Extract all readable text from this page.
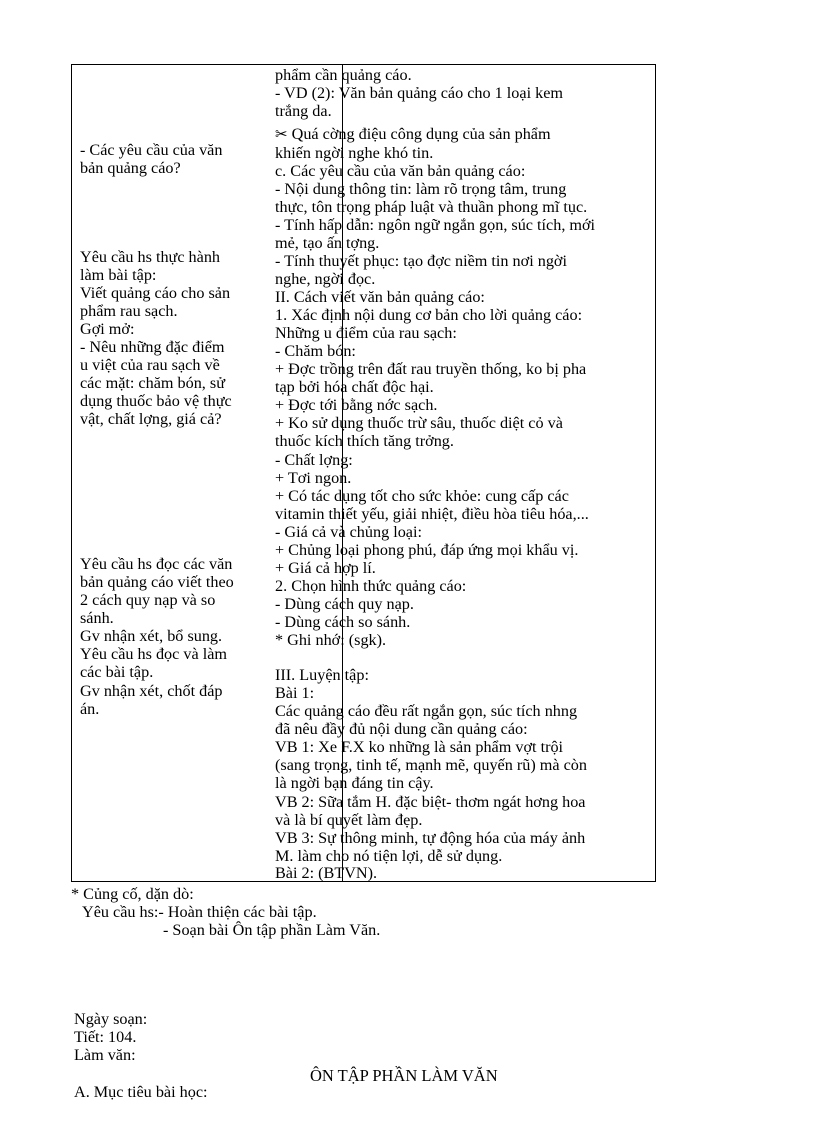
- Các yêu cầu của văn
bản quảng cáo?
Yêu cầu hs thực hành
làm bài tập:
Viết quảng cáo cho sản
phẩm rau sạch.
Gợi mở:
- Nêu những đặc điểm
u việt của rau sạch về
các mặt: chăm bón, sử
dụng thuốc bảo vệ thực
vật, chất lợng, giá cả?
Yêu cầu hs đọc các văn
bản quảng cáo viết theo
2 cách quy nạp và so
sánh.
Gv nhận xét, bổ sung.
Yêu cầu hs đọc và làm
các bài tập.
Gv nhận xét, chốt đáp
án.
phẩm cần quảng cáo.
- VD (2): Văn bản quảng cáo cho 1 loại kem
trắng da.
✂ Quá cờng điệu công dụng của sản phẩm
khiến ngời nghe khó tin.
c. Các yêu cầu của văn bản quảng cáo:
- Nội dung thông tin: làm rõ trọng tâm, trung
thực, tôn trọng pháp luật và thuần phong mĩ tục.
- Tính hấp dẫn: ngôn ngữ ngắn gọn, súc tích, mới
mẻ, tạo ấn tợng.
- Tính thuyết phục: tạo đợc niềm tin nơi ngời
nghe, ngời đọc.
II. Cách viết văn bản quảng cáo:
1. Xác định nội dung cơ bản cho lời quảng cáo:
Những u điểm của rau sạch:
- Chăm bón:
+ Đợc trồng trên đất rau truyền thống, ko bị pha
tạp bởi hóa chất độc hại.
+ Đợc tới bằng nớc sạch.
+ Ko sử dụng thuốc trừ sâu, thuốc diệt cỏ và
thuốc kích thích tăng trởng.
- Chất lợng:
+ Tơi ngon.
+ Có tác dụng tốt cho sức khỏe: cung cấp các
vitamin thiết yếu, giải nhiệt, điều hòa tiêu hóa,...
- Giá cả và chủng loại:
+ Chủng loại phong phú, đáp ứng mọi khẩu vị.
+ Giá cả hợp lí.
2. Chọn hình thức quảng cáo:
- Dùng cách quy nạp.
- Dùng cách so sánh.
* Ghi nhớ: (sgk).
III. Luyện tập:
Bài 1:
Các quảng cáo đều rất ngắn gọn, súc tích nhng
đã nêu đầy đủ nội dung cần quảng cáo:
VB 1: Xe F.X ko những là sản phẩm vợt trội
(sang trọng, tinh tế, mạnh mẽ, quyến rũ) mà còn
là ngời bạn đáng tin cậy.
VB 2: Sữa tắm H. đặc biệt- thơm ngát hơng hoa
và là bí quyết làm đẹp.
VB 3: Sự thông minh, tự động hóa của máy ảnh
M. làm cho nó tiện lợi, dễ sử dụng.
Bài 2: (BTVN).
* Củng cố, dặn dò:
Yêu cầu hs:- Hoàn thiện các bài tập.
- Soạn bài Ôn tập phần Làm Văn.
Ngày soạn:
Tiết: 104.
Làm văn:
ÔN TẬP PHẦN LÀM VĂN
A. Mục tiêu bài học:
